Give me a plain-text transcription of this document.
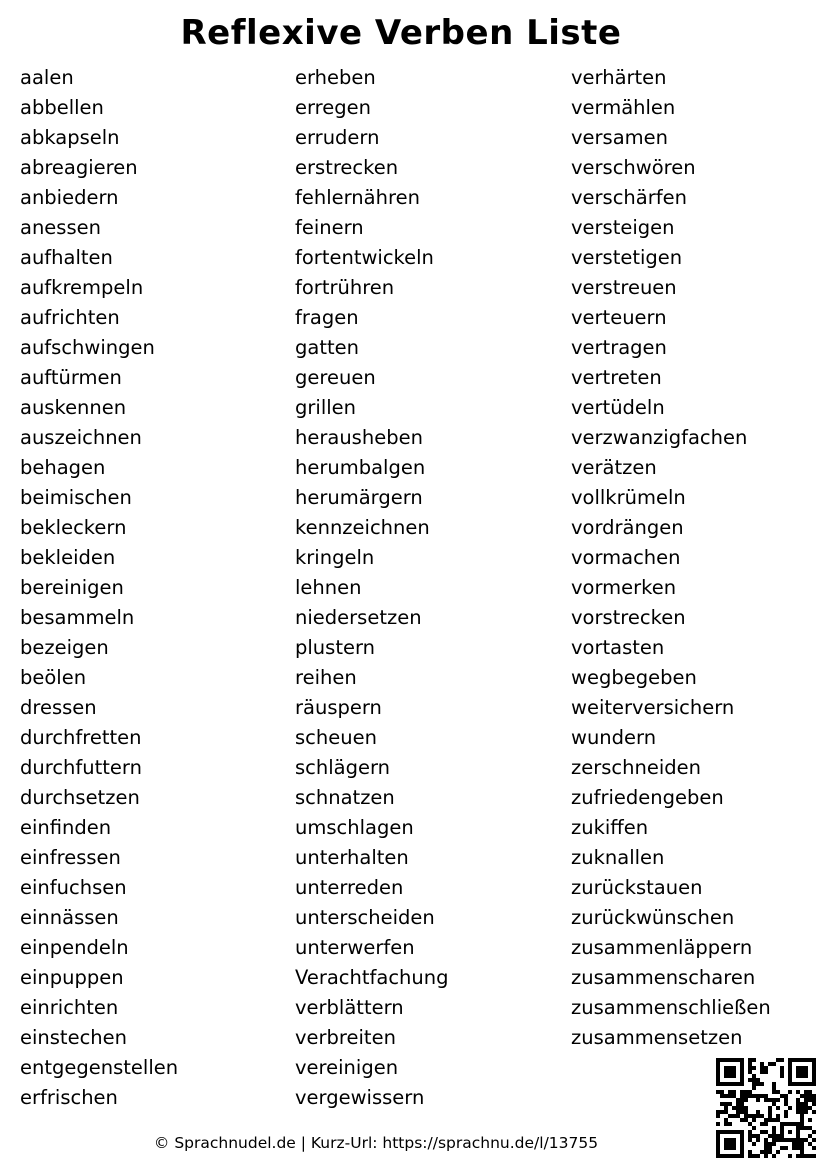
Reflexive Verben Liste
aalen
abbellen
abkapseln
abreagieren
anbiedern
anessen
aufhalten
aufkrempeln
aufrichten
aufschwingen
auftürmen
auskennen
auszeichnen
behagen
beimischen
bekleckern
bekleiden
bereinigen
besammeln
bezeigen
beölen
dressen
durchfretten
durchfuttern
durchsetzen
einfinden
einfressen
einfuchsen
einnässen
einpendeln
einpuppen
einrichten
einstechen
entgegenstellen
erfrischen
erheben
erregen
errudern
erstrecken
fehlernähren
feinern
fortentwickeln
fortrühren
fragen
gatten
gereuen
grillen
herausheben
herumbalgen
herumärgern
kennzeichnen
kringeln
lehnen
niedersetzen
plustern
reihen
räuspern
scheuen
schlägern
schnatzen
umschlagen
unterhalten
unterreden
unterscheiden
unterwerfen
Verachtfachung
verblättern
verbreiten
vereinigen
vergewissern
verhärten
vermählen
versamen
verschwören
verschärfen
versteigen
verstetigen
verstreuen
verteuern
vertragen
vertreten
vertüdeln
verzwanzigfachen
verätzen
vollkrümeln
vordrängen
vormachen
vormerken
vorstrecken
vortasten
wegbegeben
weiterversichern
wundern
zerschneiden
zufriedengeben
zukiffen
zuknallen
zurückstauen
zurückwünschen
zusammenläppern
zusammenscharen
zusammenschließen
zusammensetzen
© Sprachnudel.de | Kurz-Url: https://sprachnu.de/l/13755
